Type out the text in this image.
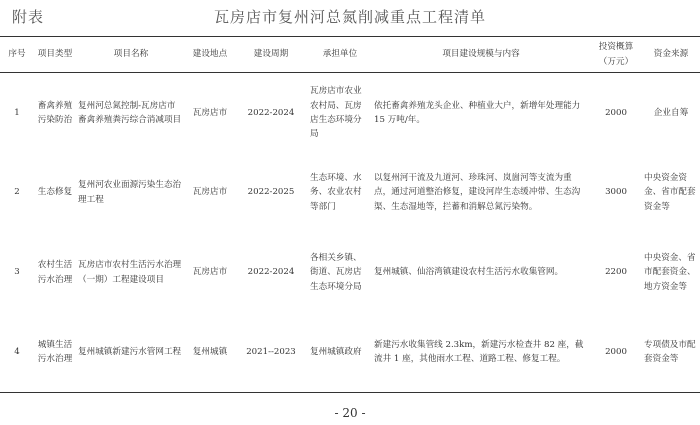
附表	瓦房店市复州河总氮削减重点工程清单
序号	项目类型	项目名称	建设地点	建设周期	承担单位	项目建设规模与内容	投资概算（万元）	资金来源
1	畜禽养殖污染防治	复州河总氮控制-瓦房店市畜禽养殖粪污综合消减项目	瓦房店市	2022-2024	瓦房店市农业农村局、瓦房店生态环境分局	依托畜禽养殖龙头企业、种植业大户，新增年处理能力 15 万吨/年。	2000	企业自筹
2	生态修复	复州河农业面源污染生态治理工程	瓦房店市	2022-2025	生态环境、水务、农业农村等部门	以复州河干流及九道河、珍珠河、岚崮河等支流为重点，通过河道整治修复，建设河岸生态缓冲带、生态沟渠、生态湿地等，拦蓄和消解总氮污染物。	3000	中央资金资金、省市配套资金等
3	农村生活污水治理	瓦房店市农村生活污水治理（一期）工程建设项目	瓦房店市	2022-2024	各相关乡镇、街道、瓦房店生态环境分局	复州城镇、仙浴湾镇建设农村生活污水收集管网。	2200	中央资金、省市配套资金、地方资金等
4	城镇生活污水治理	复州城镇新建污水管网工程	复州城镇	2021--2023	复州城镇政府	新建污水收集管线 2.3km，新建污水检查井 82 座，截流井 1 座，其他雨水工程、道路工程、修复工程。	2000	专项债及市配套资金等
- 20 -
